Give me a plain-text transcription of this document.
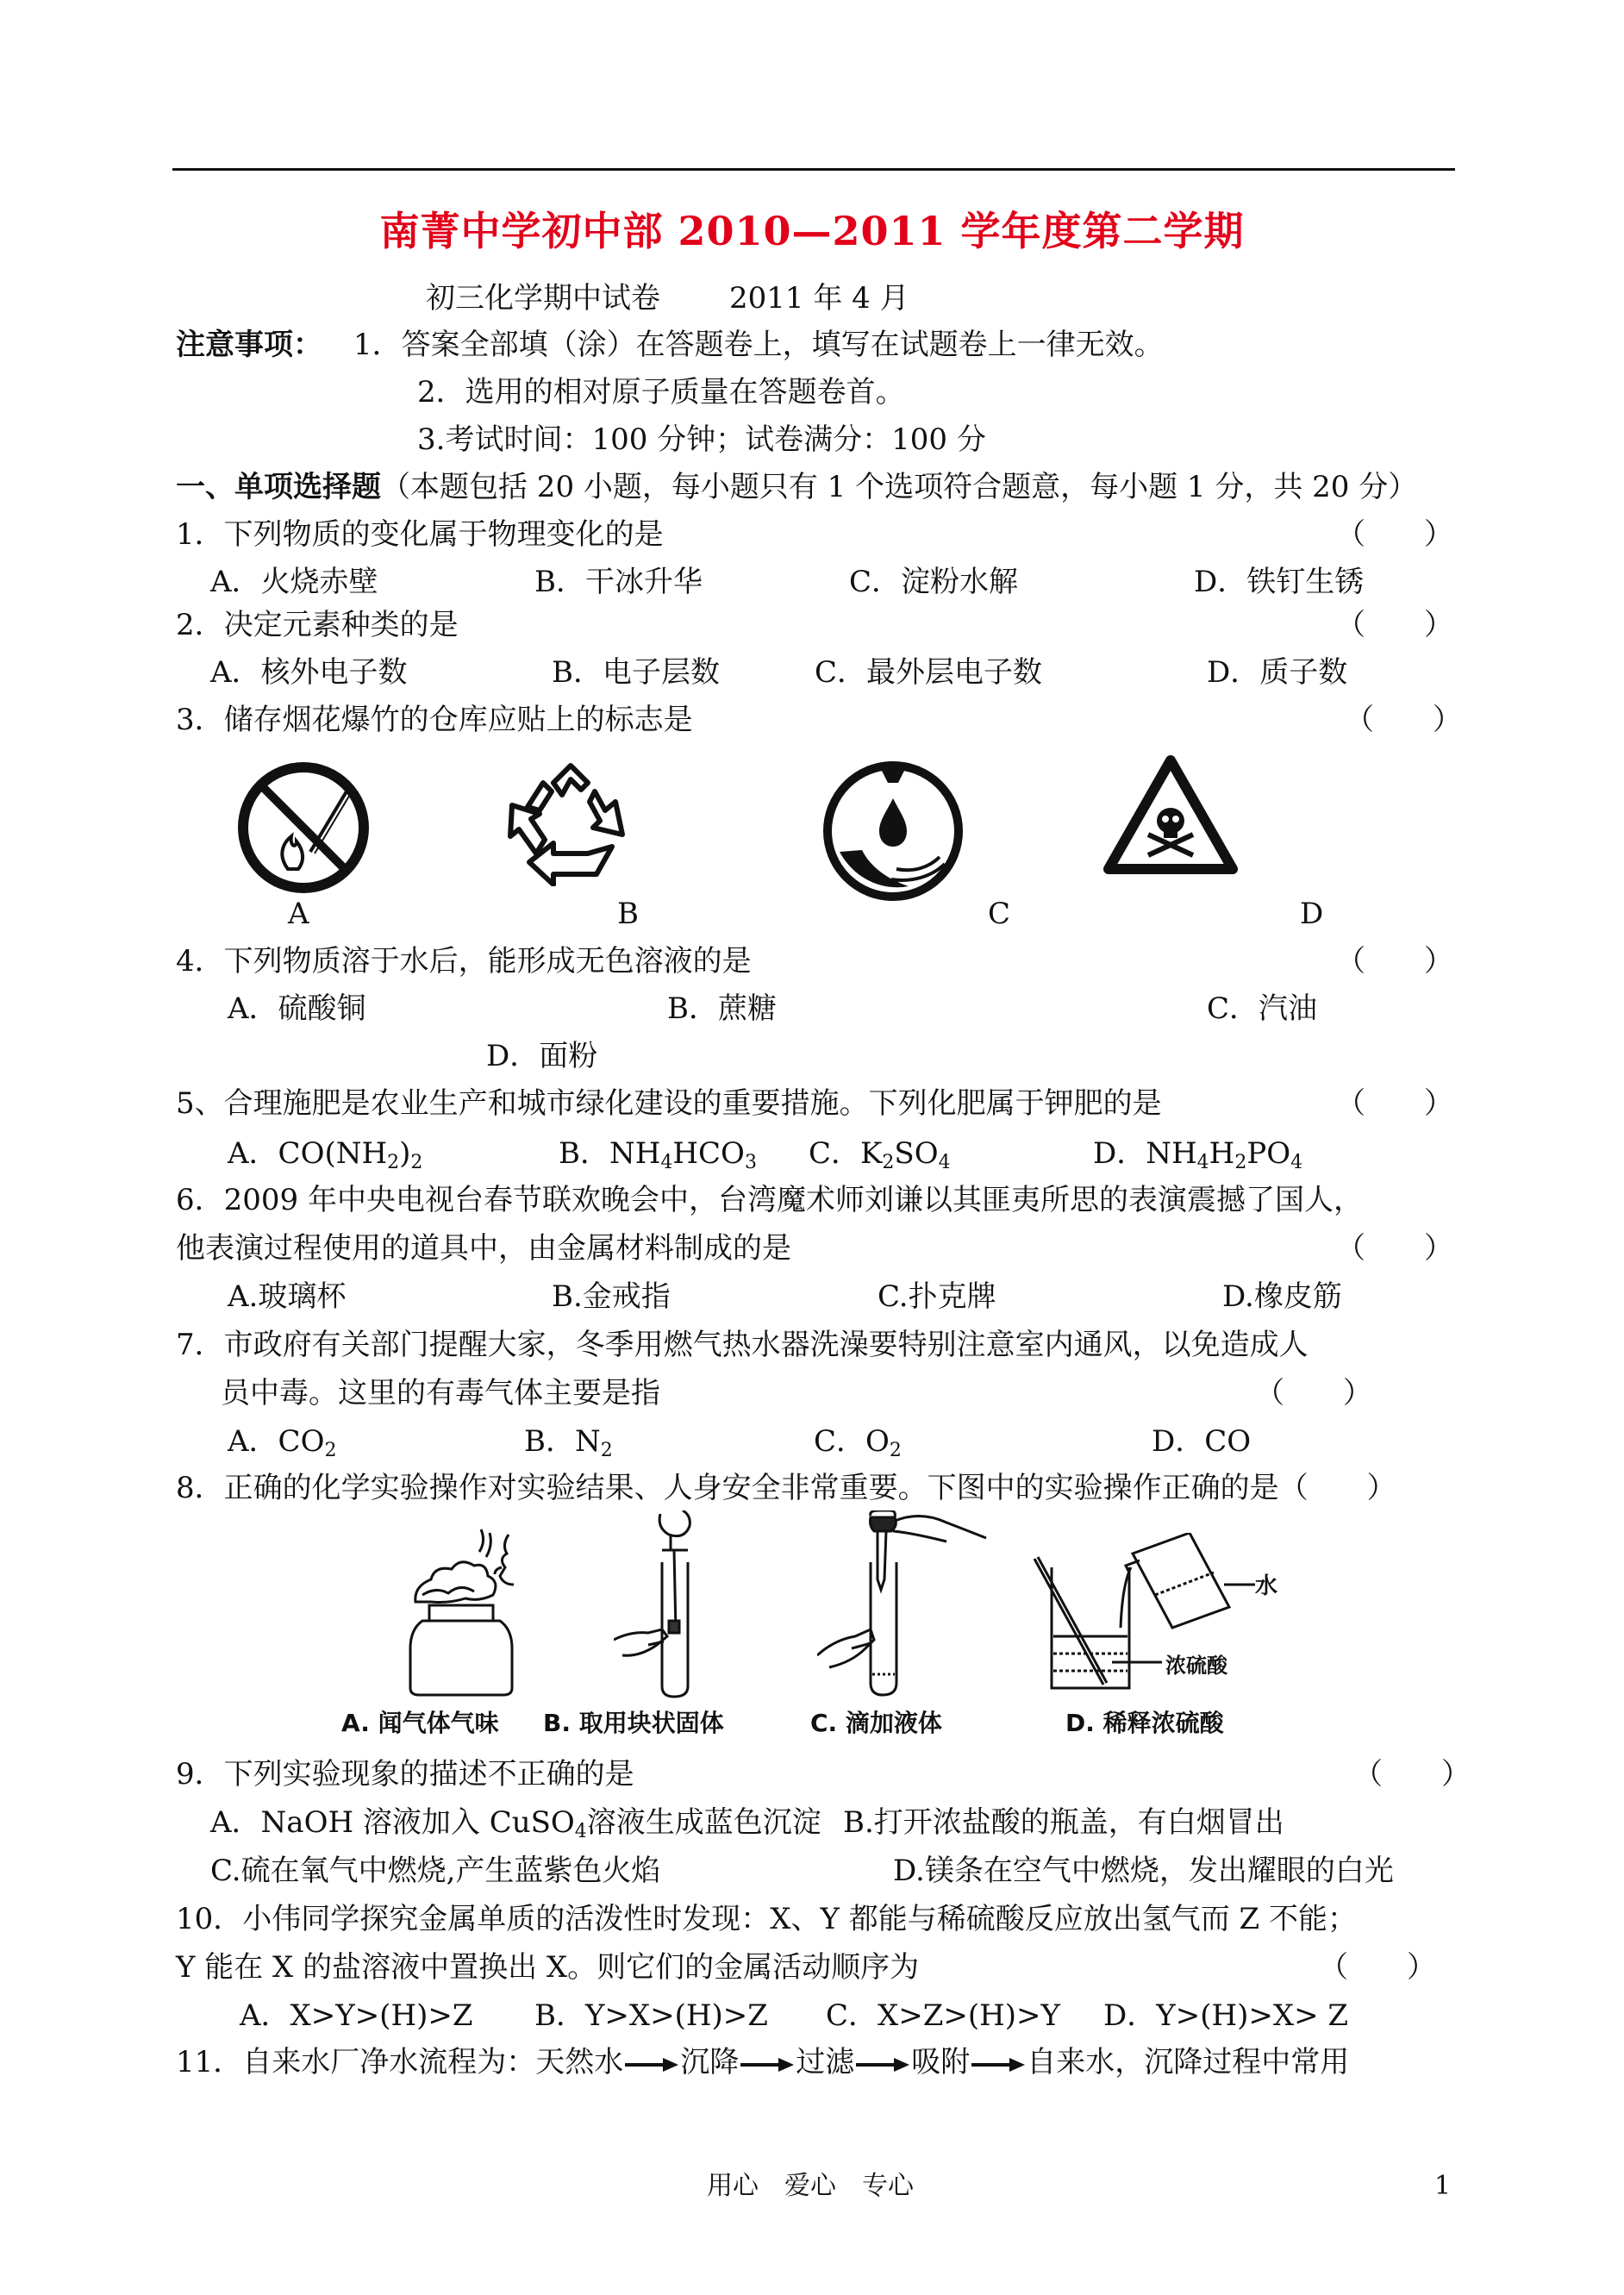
南菁中学初中部 2010—2011 学年度第二学期
初三化学期中试卷 2011 年 4 月
注意事项： 1．答案全部填（涂）在答题卷上，填写在试题卷上一律无效。
2．选用的相对原子质量在答题卷首。
3.考试时间：100 分钟；试卷满分：100 分
一、单项选择题（本题包括 20 小题，每小题只有 1 个选项符合题意，每小题 1 分，共 20 分）
1．下列物质的变化属于物理变化的是	（　　）
A．火烧赤壁	B．干冰升华	C．淀粉水解	D．铁钉生锈
2．决定元素种类的是	（　　）
A．核外电子数	B．电子层数	C．最外层电子数	D．质子数
3．储存烟花爆竹的仓库应贴上的标志是	（　　）
A	B	C	D
4．下列物质溶于水后，能形成无色溶液的是	（　　）
A．硫酸铜	B．蔗糖	C．汽油
D．面粉
5、合理施肥是农业生产和城市绿化建设的重要措施。下列化肥属于钾肥的是	（　　）
A．$CO(NH_2)_2$	B．$NH_4HCO_3$ C．$K_2SO_4$	D．$NH_4H_2PO_4$
6．2009 年中央电视台春节联欢晚会中，台湾魔术师刘谦以其匪夷所思的表演震撼了国人，
他表演过程使用的道具中，由金属材料制成的是	（　　）
A.玻璃杯	B.金戒指	C.扑克牌	D.橡皮筋
7．市政府有关部门提醒大家，冬季用燃气热水器洗澡要特别注意室内通风，以免造成人
员中毒。这里的有毒气体主要是指	（　　）
A．$CO_2$	B．$N_2$	C．$O_2$	D．CO
8．正确的化学实验操作对实验结果、人身安全非常重要。下图中的实验操作正确的是（　　）
水
浓硫酸
A. 闻气体气味 B. 取用块状固体	C. 滴加液体	D. 稀释浓硫酸
9．下列实验现象的描述不正确的是	（　　）
A．NaOH 溶液加入 CuSO$_4$溶液生成蓝色沉淀 B.打开浓盐酸的瓶盖，有白烟冒出
C.硫在氧气中燃烧,产生蓝紫色火焰	D.镁条在空气中燃烧，发出耀眼的白光
10．小伟同学探究金属单质的活泼性时发现：X、Y 都能与稀硫酸反应放出氢气而 Z 不能；
Y 能在 X 的盐溶液中置换出 X。则它们的金属活动顺序为	（　　）
A．X>Y>(H)>Z B．Y>X>(H)>Z C．X>Z>(H)>Y D．Y>(H)>X> Z
11．自来水厂净水流程为：天然水 沉降 过滤 吸附 自来水，沉降过程中常用
用心　爱心　专心	1
